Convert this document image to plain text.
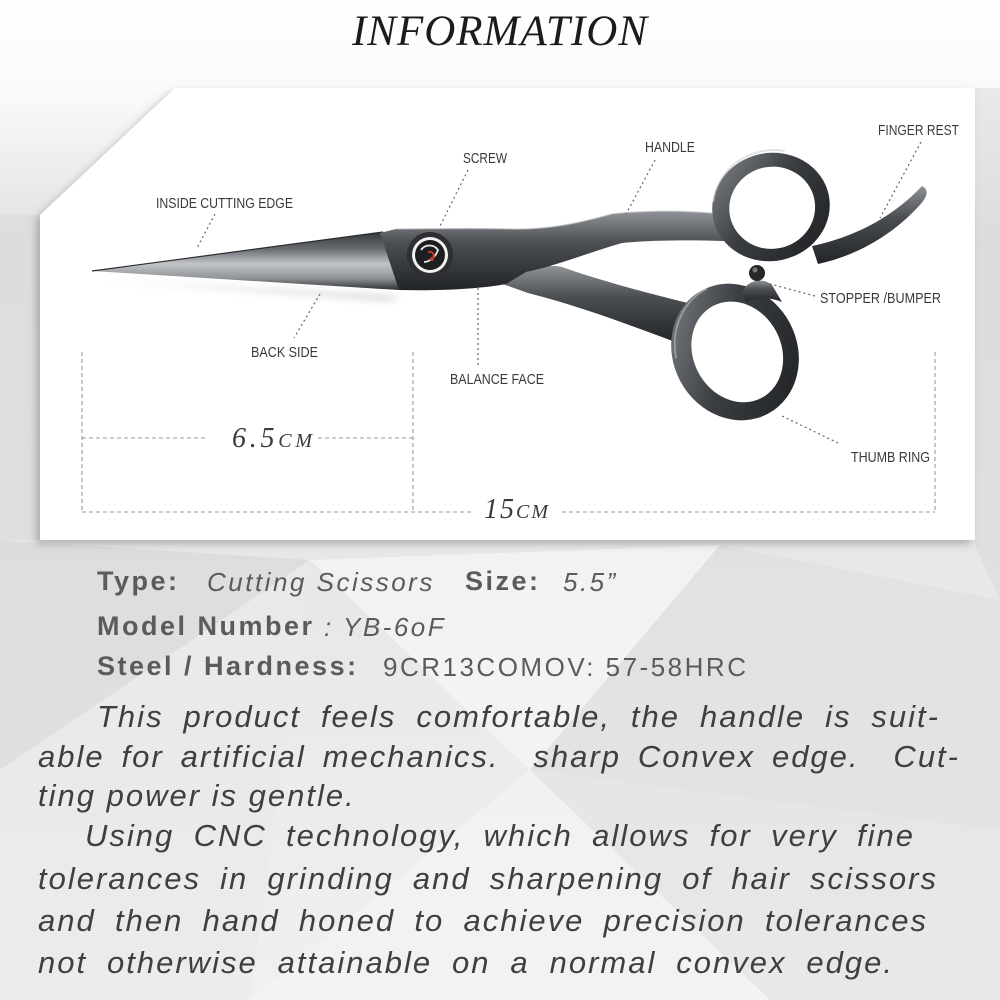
INSIDE CUTTING EDGE
SCREW
HANDLE
FINGER REST
STOPPER /BUMPER
BACK SIDE
BALANCE FACE
THUMB RING
6.5cm
15cm
INFORMATION
Type: Cutting Scissors Size: 5.5”
Model Number : YB-6oF
Steel / Hardness: 9CR13COMOV: 57-58HRC
This product feels comfortable, the handle is suit-
able for artificial mechanics.  sharp Convex edge.  Cut-
ting power is gentle.
Using CNC technology, which allows for very fine
tolerances in grinding and sharpening of hair scissors
and then hand honed to achieve precision tolerances
not otherwise attainable on a normal convex edge.
